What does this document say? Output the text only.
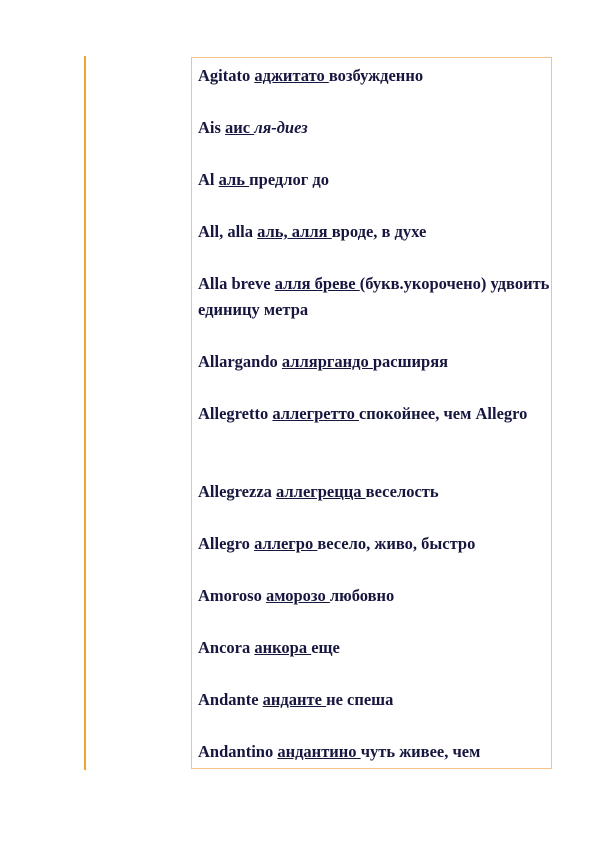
Agitato аджитато возбужденно

Ais аис ля-диез

Al аль предлог до

All, alla аль, алля вроде, в духе

Alla breve алля бреве (букв.укорочено) удвоить единицу метра

Allargando алляргандо расширяя

Allegretto аллегретто спокойнее, чем Allegro

Allegrezza аллегрецца веселость

Allegro аллегро весело, живо, быстро

Amoroso аморозо любовно

Ancora анкора еще

Andante анданте не спеша

Andantino андантино чуть живее, чем
